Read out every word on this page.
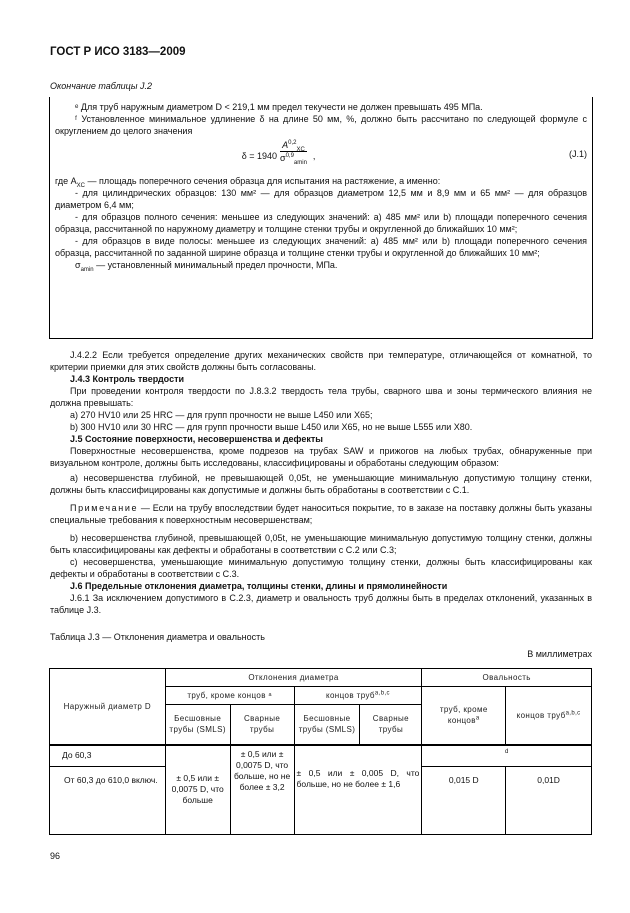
ГОСТ Р ИСО 3183—2009
Окончание таблицы J.2

ᵉ Для труб наружным диаметром D < 219,1 мм предел текучести не должен превышать 495 МПа.

ᶠ Установленное минимальное удлинение δ на длине 50 мм, %, должно быть рассчитано по следующей формуле с округлением до целого значения

δ = 1940
A$^{0,2}_{XC}$
$\sigma^{0,9}_{amin}$
,	(J.1)

где $A_{XC}$ — площадь поперечного сечения образца для испытания на растяжение, а именно:

- для цилиндрических образцов: 130 мм² — для образцов диаметром 12,5 мм и 8,9 мм и 65 мм² — для образцов диаметром 6,4 мм;

- для образцов полного сечения: меньшее из следующих значений: а) 485 мм² или b) площади поперечного сечения образца, рассчитанной по наружному диаметру и толщине стенки трубы и округленной до ближайших 10 мм²;

- для образцов в виде полосы: меньшее из следующих значений: а) 485 мм² или b) площади поперечного сечения образца, рассчитанной по заданной ширине образца и толщине стенки трубы и округленной до ближайших 10 мм²;

$\sigma_{amin}$ — установленный минимальный предел прочности, МПа.

J.4.2.2 Если требуется определение других механических свойств при температуре, отличающейся от комнатной, то критерии приемки для этих свойств должны быть согласованы.

J.4.3 Контроль твердости

При проведении контроля твердости по J.8.3.2 твердость тела трубы, сварного шва и зоны термического влияния не должна превышать:

а) 270 HV10 или 25 HRC — для групп прочности не выше L450 или X65;

b) 300 HV10 или 30 HRC — для групп прочности выше L450 или X65, но не выше L555 или X80.

J.5 Состояние поверхности, несовершенства и дефекты

Поверхностные несовершенства, кроме подрезов на трубах SAW и прижогов на любых трубах, обнаруженные при визуальном контроле, должны быть исследованы, классифицированы и обработаны следующим образом:

а) несовершенства глубиной, не превышающей 0,05t, не уменьшающие минимальную допустимую толщину стенки, должны быть классифицированы как допустимые и должны быть обработаны в соответствии с С.1.

Примечание — Если на трубу впоследствии будет наноситься покрытие, то в заказе на поставку должны быть указаны специальные требования к поверхностным несовершенствам;

b) несовершенства глубиной, превышающей 0,05t, не уменьшающие минимальную допустимую толщину стенки, должны быть классифицированы как дефекты и обработаны в соответствии с С.2 или С.3;

с) несовершенства, уменьшающие минимальную допустимую толщину стенки, должны быть классифицированы как дефекты и обработаны в соответствии с С.3.

J.6 Предельные отклонения диаметра, толщины стенки, длины и прямолинейности

J.6.1 За исключением допустимого в С.2.3, диаметр и овальность труб должны быть в пределах отклонений, указанных в таблице J.3.

Таблица J.3 — Отклонения диаметра и овальность
В миллиметрах
Наружный диаметр D	Отклонения диаметра				Овальность	
	труб, кроме концов ᵃ		концов труб$^{a,b,c}$		труб, кроме концов$^a$	концов труб$^{a,b,c}$
	Бесшовные трубы (SMLS)	Сварные трубы	Бесшовные трубы (SMLS)	Сварные трубы		
До 60,3	± 0,5 или ± 0,0075 D, что больше	± 0,5 или ± 0,0075 D, что больше, но не более ± 3,2	± 0,5 или ± 0,005 D, что больше, но не более ± 1,6		d	
От 60,3 до 610,0 включ.					0,015 D	0,01D
96
